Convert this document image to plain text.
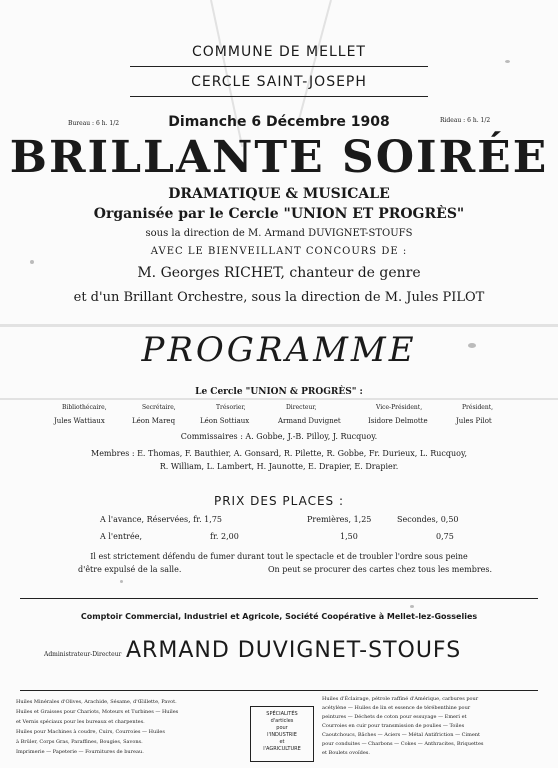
COMMUNE DE MELLET
CERCLE SAINT-JOSEPH
Bureau : 6 h. 1/2	Rideau : 6 h. 1/2
Dimanche 6 Décembre 1908
BRILLANTE SOIRÉE
DRAMATIQUE & MUSICALE
Organisée par le Cercle "UNION ET PROGRÈS"
sous la direction de M. Armand DUVIGNET-STOUFS
AVEC LE BIENVEILLANT CONCOURS DE :
M. Georges RICHET, chanteur de genre
et d'un Brillant Orchestre, sous la direction de M. Jules PILOT
PROGRAMME
Le Cercle "UNION & PROGRÈS" :
Bibliothécaire,	Secrétaire,	Trésorier,	Directeur,	Vice-Président,	Président,
Jules Wattiaux	Léon Mareq	Léon Sottiaux	Armand Duvignet	Isidore Delmotte	Jules Pilot
Commissaires : A. Gobbe, J.-B. Pilloy, J. Rucquoy.
Membres : E. Thomas, F. Bauthier, A. Gonsard, R. Pilette, R. Gobbe, Fr. Durieux, L. Rucquoy,
R. William, L. Lambert, H. Jaunotte, E. Drapier, E. Drapier.
PRIX DES PLACES :
A l'avance, Réservées, fr. 1,75	Premières, 1,25	Secondes, 0,50
A l'entrée,	fr. 2,00	1,50	0,75
Il est strictement défendu de fumer durant tout le spectacle et de troubler l'ordre sous peine
d'être expulsé de la salle.	On peut se procurer des cartes chez tous les membres.
Comptoir Commercial, Industriel et Agricole, Société Coopérative à Mellet-lez-Gosselies
Administrateur-Directeur ARMAND DUVIGNET-STOUFS
Huiles Minérales d'Olives, Arachide, Sésame, d'Œillette, Pavot.
Huiles et Graisses pour Chariots, Moteurs et Turbines — Huiles
et Vernis spéciaux pour les bureaux et charpentes.
Huiles pour Machines à coudre, Cuirs, Courroies — Huiles
à Brûler, Corps Gras, Paraffines, Bougies, Savons.
Imprimerie — Papeterie — Fournitures de bureau.
SPÉCIALITÉS
d'articles
pour
l'INDUSTRIE
et
l'AGRICULTURE
Huiles d'Éclairage, pétrole raffiné d'Amérique, carbures pour
acétylène — Huiles de lin et essence de térébenthine pour
peintures — Déchets de coton pour essuyage — Emeri et
Courroies en cuir pour transmission de poulies — Toiles
Caoutchoucs, Bâches — Aciers — Métal Antifriction — Ciment
pour conduites — Charbons — Cokes — Anthracites, Briquettes
et Boulets ovoïdes.
